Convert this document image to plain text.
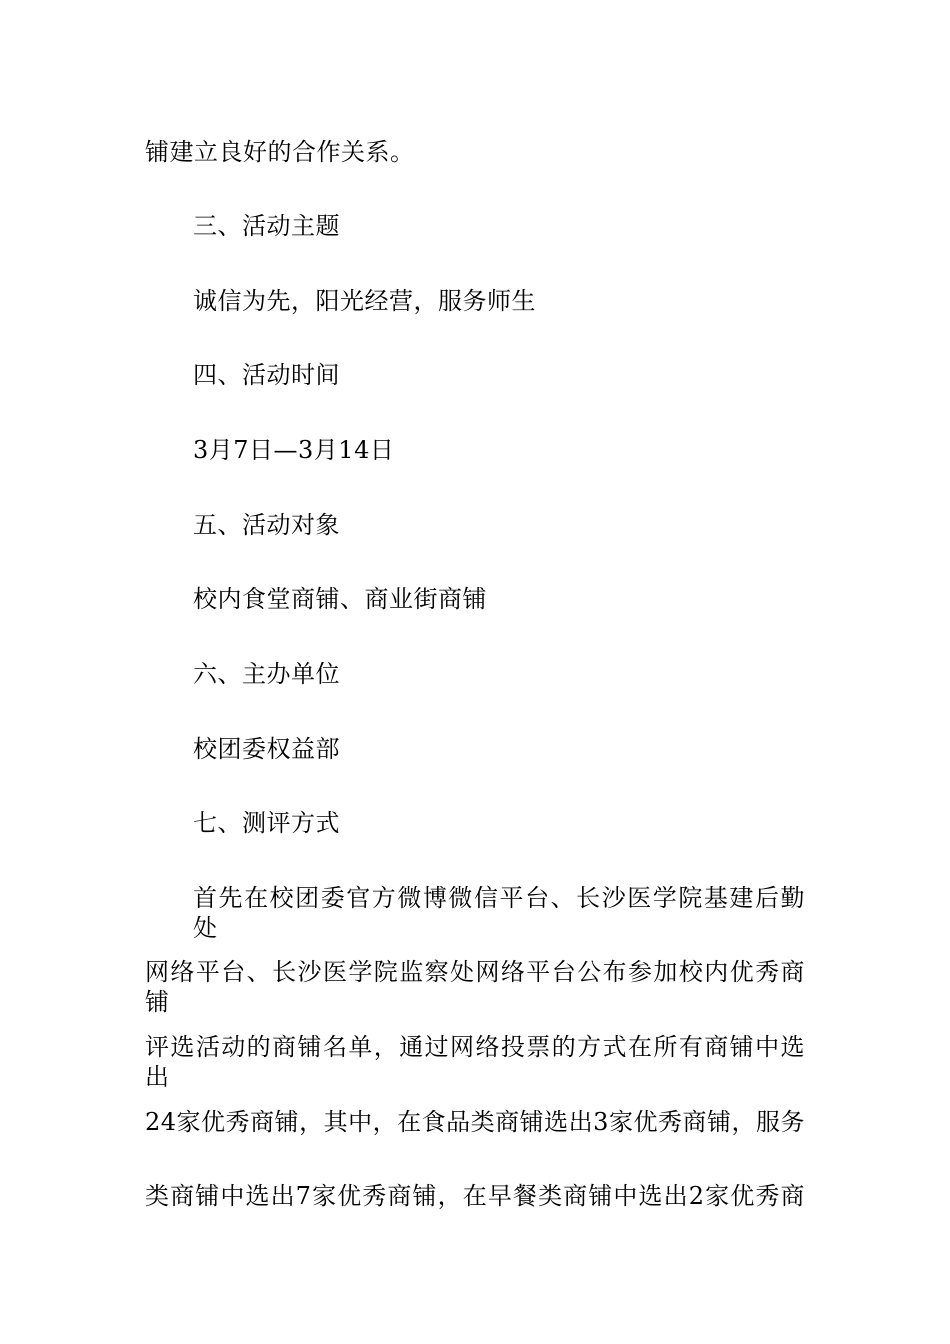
铺建立良好的合作关系。
三、活动主题
诚信为先，阳光经营，服务师生
四、活动时间
3月7日—3月14日
五、活动对象
校内食堂商铺、商业街商铺
六、主办单位
校团委权益部
七、测评方式
首先在校团委官方微博微信平台、长沙医学院基建后勤处
网络平台、长沙医学院监察处网络平台公布参加校内优秀商铺
评选活动的商铺名单，通过网络投票的方式在所有商铺中选出
24家优秀商铺，其中，在食品类商铺选出3家优秀商铺，服务
类商铺中选出7家优秀商铺，在早餐类商铺中选出2家优秀商
